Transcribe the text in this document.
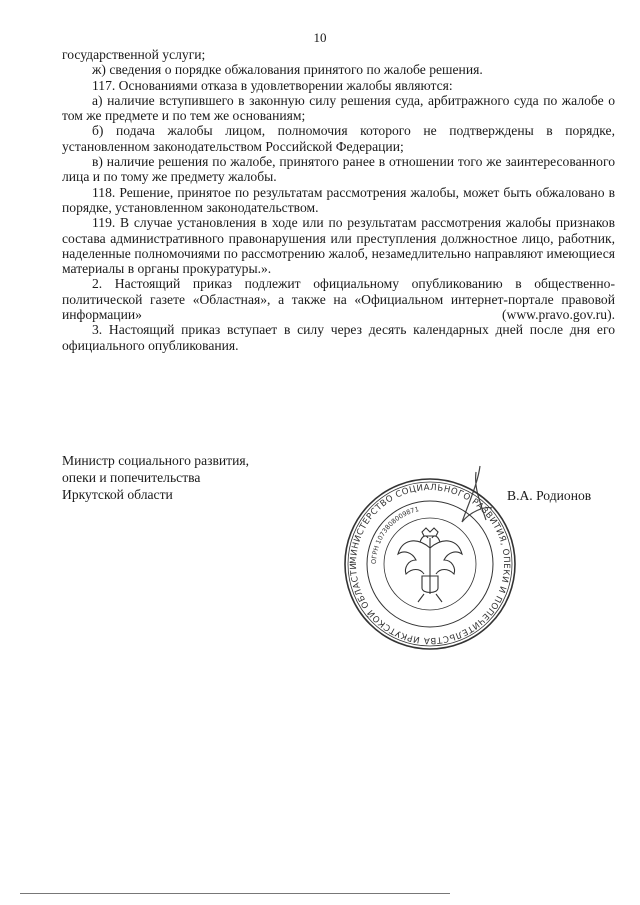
10

государственной услуги;

ж) сведения о порядке обжалования принятого по жалобе решения.

117. Основаниями отказа в удовлетворении жалобы являются:

а) наличие вступившего в законную силу решения суда, арбитражного суда по жалобе о том же предмете и по тем же основаниям;

б) подача жалобы лицом, полномочия которого не подтверждены в порядке, установленном законодательством Российской Федерации;

в) наличие решения по жалобе, принятого ранее в отношении того же заинтересованного лица и по тому же предмету жалобы.

118. Решение, принятое по результатам рассмотрения жалобы, может быть обжаловано в порядке, установленном законодательством.

119. В случае установления в ходе или по результатам рассмотрения жалобы признаков состава административного правонарушения или преступления должностное лицо, работник, наделенные полномочиями по рассмотрению жалоб, незамедлительно направляют имеющиеся материалы в органы прокуратуры.».

2. Настоящий приказ подлежит официальному опубликованию в общественно-политической газете «Областная», а также на «Официальном интернет-портале правовой информации» (www.pravo.gov.ru).

3. Настоящий приказ вступает в силу через десять календарных дней после дня его официального опубликования.

Министр социального развития,
опеки и попечительства
Иркутской области
МИНИСТЕРСТВО СОЦИАЛЬНОГО РАЗВИТИЯ, ОПЕКИ И ПОПЕЧИТЕЛЬСТВА ИРКУТСКОЙ ОБЛАСТИ
ОГРН 1073808009871
В.А. Родионов
